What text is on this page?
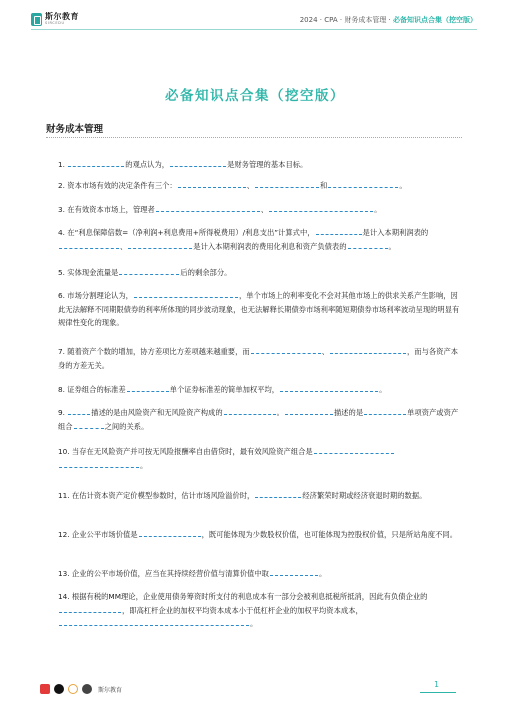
斯尔教育
SIRCEDU	2024 · CPA · 财务成本管理 · 必备知识点合集（挖空版）
必备知识点合集（挖空版）
财务成本管理
1.	的观点认为，	是财务管理的基本目标。
2. 资本市场有效的决定条件有三个：	、	和	。
3. 在有效资本市场上，管理者	、	。
4. 在“利息保障倍数=（净利润+利息费用+所得税费用）/利息支出”计算式中，	是计入本期利润表的、	是计入本期利润表的费用化利息和资产负债表的	。
5. 实体现金流量是	后的剩余部分。
6. 市场分割理论认为，	，单个市场上的利率变化不会对其他市场上的供求关系产生影响，因此无法解释不同期限债券的利率所体现的同步波动现象，也无法解释长期债券市场利率随短期债券市场利率波动呈现的明显有规律性变化的现象。
7. 随着资产个数的增加，协方差项比方差项越来越重要，而	、	，而与各资产本身的方差无关。
8. 证券组合的标准差	单个证券标准差的简单加权平均，	。
9.	描述的是由风险资产和无风险资产构成的	。	描述的是	单项资产或资产组合	之间的关系。
10. 当存在无风险资产并可按无风险报酬率自由借贷时，最有效风险资产组合是
。
11. 在估计资本资产定价模型参数时，估计市场风险溢价时，	经济繁荣时期或经济衰退时期的数据。
12. 企业公平市场价值是	，既可能体现为少数股权价值，也可能体现为控股权价值，只是所站角度不同。
13. 企业的公平市场价值，应当在其持续经营价值与清算价值中取	。
14. 根据有税的MM理论，企业使用债务筹资时所支付的利息成本有一部分会被利息抵税所抵消，因此有负债企业的，即高杠杆企业的加权平均资本成本小于低杠杆企业的加权平均资本成本，。
斯尔教育
1
